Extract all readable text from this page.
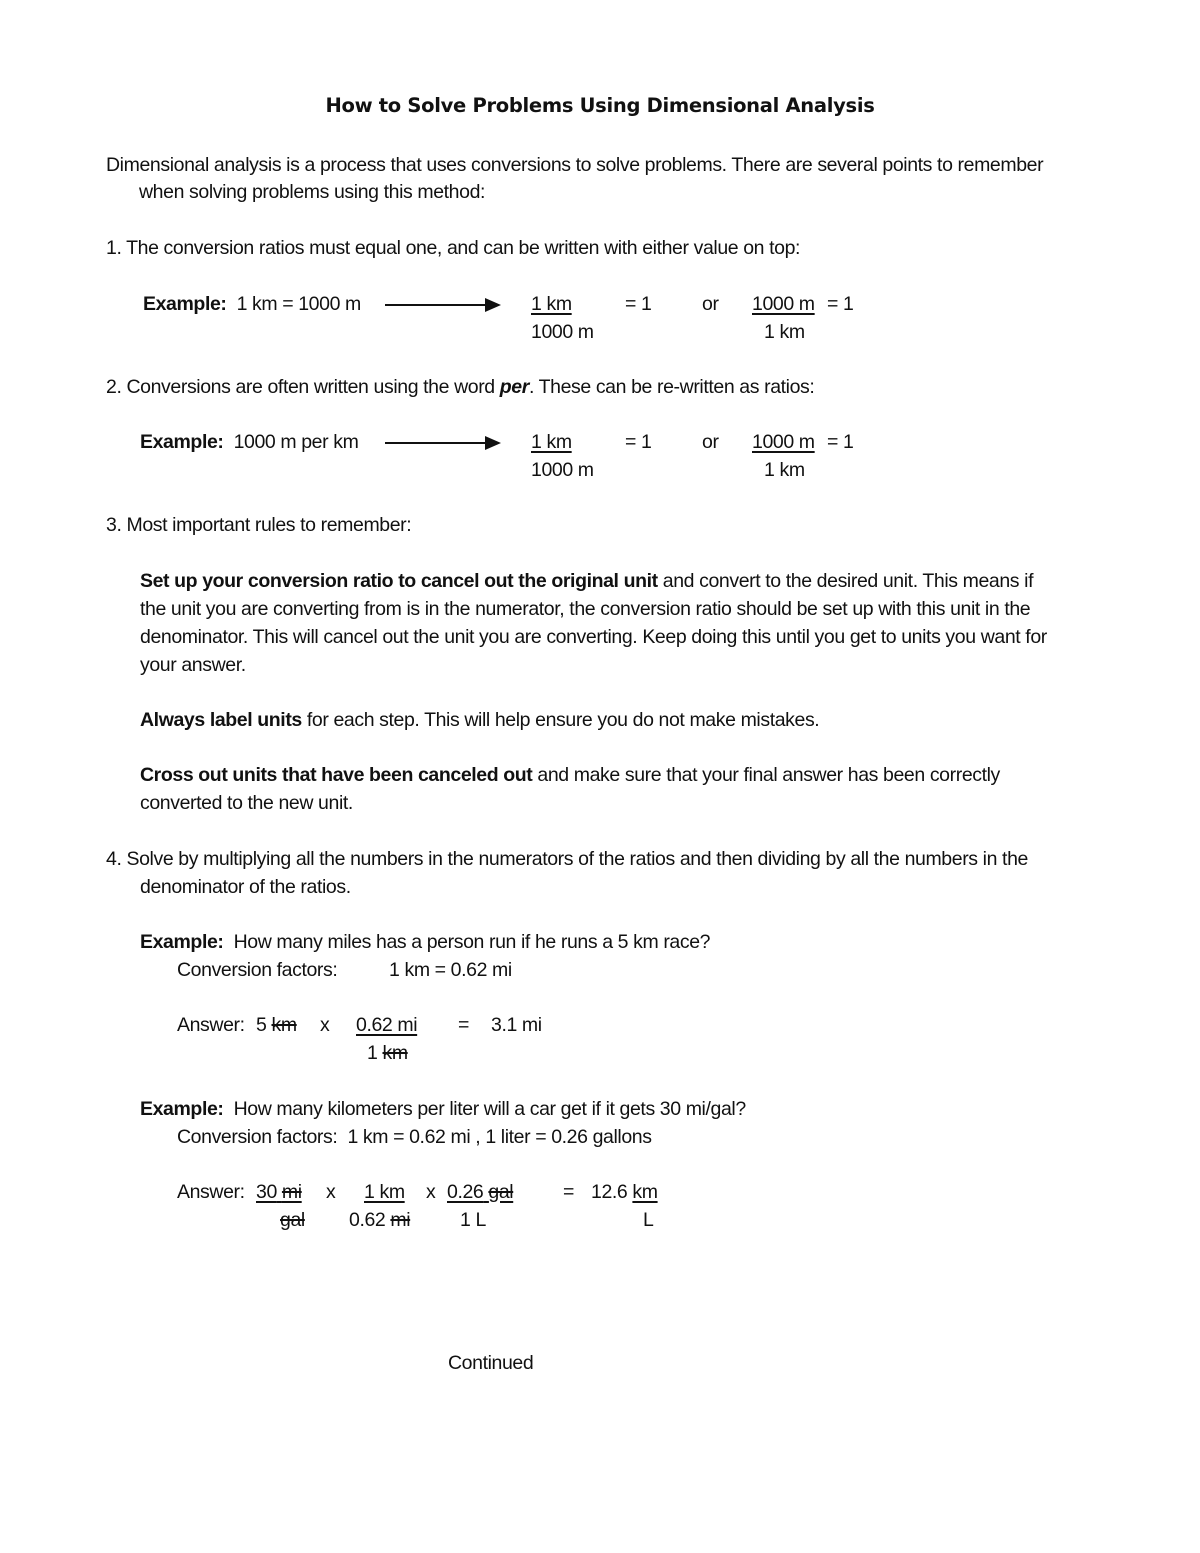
How to Solve Problems Using Dimensional Analysis
Dimensional analysis is a process that uses conversions to solve problems. There are several points to remember
when solving problems using this method:
1. The conversion ratios must equal one, and can be written with either value on top:
Example: 1 km = 1000 m	1 km
1000 m
= 1	or 1000 m
1 km
= 1
2. Conversions are often written using the word per. These can be re-written as ratios:
Example: 1000 m per km	1 km
1000 m
= 1	or 1000 m
1 km
= 1
3. Most important rules to remember:
Set up your conversion ratio to cancel out the original unit and convert to the desired unit. This means if
the unit you are converting from is in the numerator, the conversion ratio should be set up with this unit in the
denominator. This will cancel out the unit you are converting. Keep doing this until you get to units you want for
your answer.
Always label units for each step. This will help ensure you do not make mistakes.
Cross out units that have been canceled out and make sure that your final answer has been correctly
converted to the new unit.
4. Solve by multiplying all the numbers in the numerators of the ratios and then dividing by all the numbers in the
denominator of the ratios.
Example: How many miles has a person run if he runs a 5 km race?
Conversion factors:	1 km = 0.62 mi
Answer: 5 km x 0.62 mi
1 km
= 3.1 mi
Example: How many kilometers per liter will a car get if it gets 30 mi/gal?
Conversion factors: 1 km = 0.62 mi , 1 liter = 0.26 gallons
Answer: 30 mi
gal
x 1 km
0.62 mi
x 0.26 gal
1 L
= 12.6 km
L
Continued
